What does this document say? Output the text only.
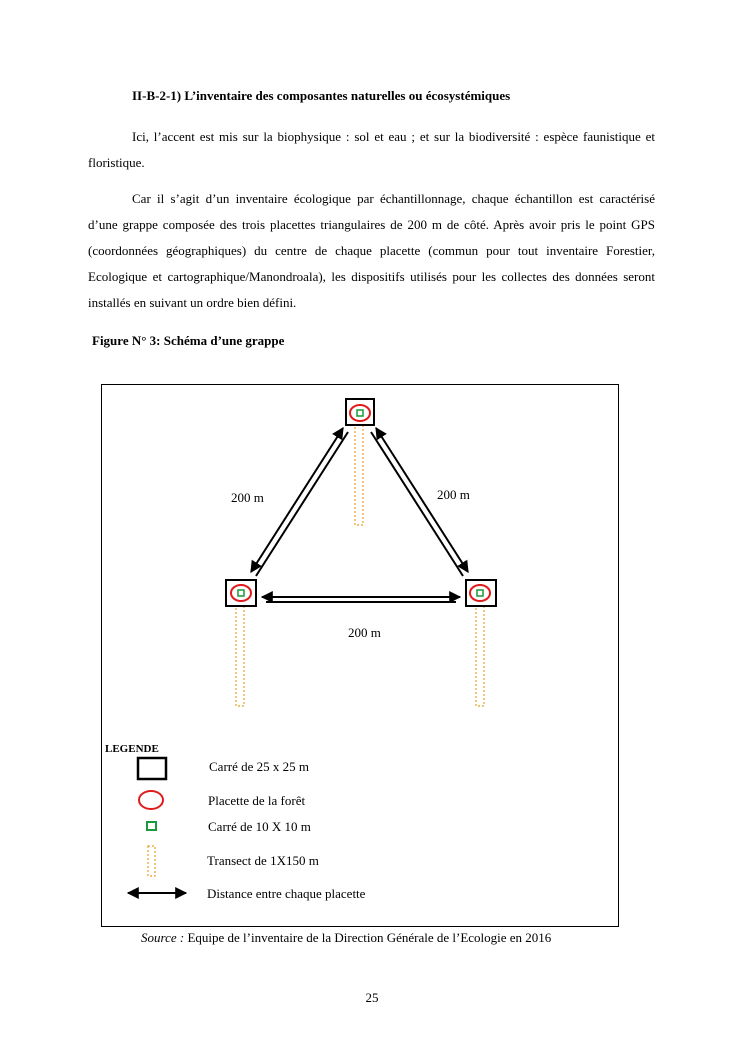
II-B-2-1) L’inventaire des composantes naturelles ou écosystémiques

Ici, l’accent est mis sur la biophysique : sol et eau ; et sur la biodiversité : espèce faunistique et floristique.

Car il s’agit d’un inventaire écologique par échantillonnage, chaque échantillon est caractérisé d’une grappe composée des trois placettes triangulaires de 200 m de côté. Après avoir pris le point GPS (coordonnées géographiques) du centre de chaque placette (commun pour tout inventaire Forestier, Ecologique et cartographique/Manondroala), les dispositifs utilisés pour les collectes des données seront installés en suivant un ordre bien défini.

Figure N° 3: Schéma d’une grappe
200 m	200 m
200 m
LEGENDE
Carré de 25 x 25 m
Placette de la forêt
Carré de 10 X 10 m
Transect de 1X150 m
Distance entre chaque placette
Source : Equipe de l’inventaire de la Direction Générale de l’Ecologie en 2016
25
